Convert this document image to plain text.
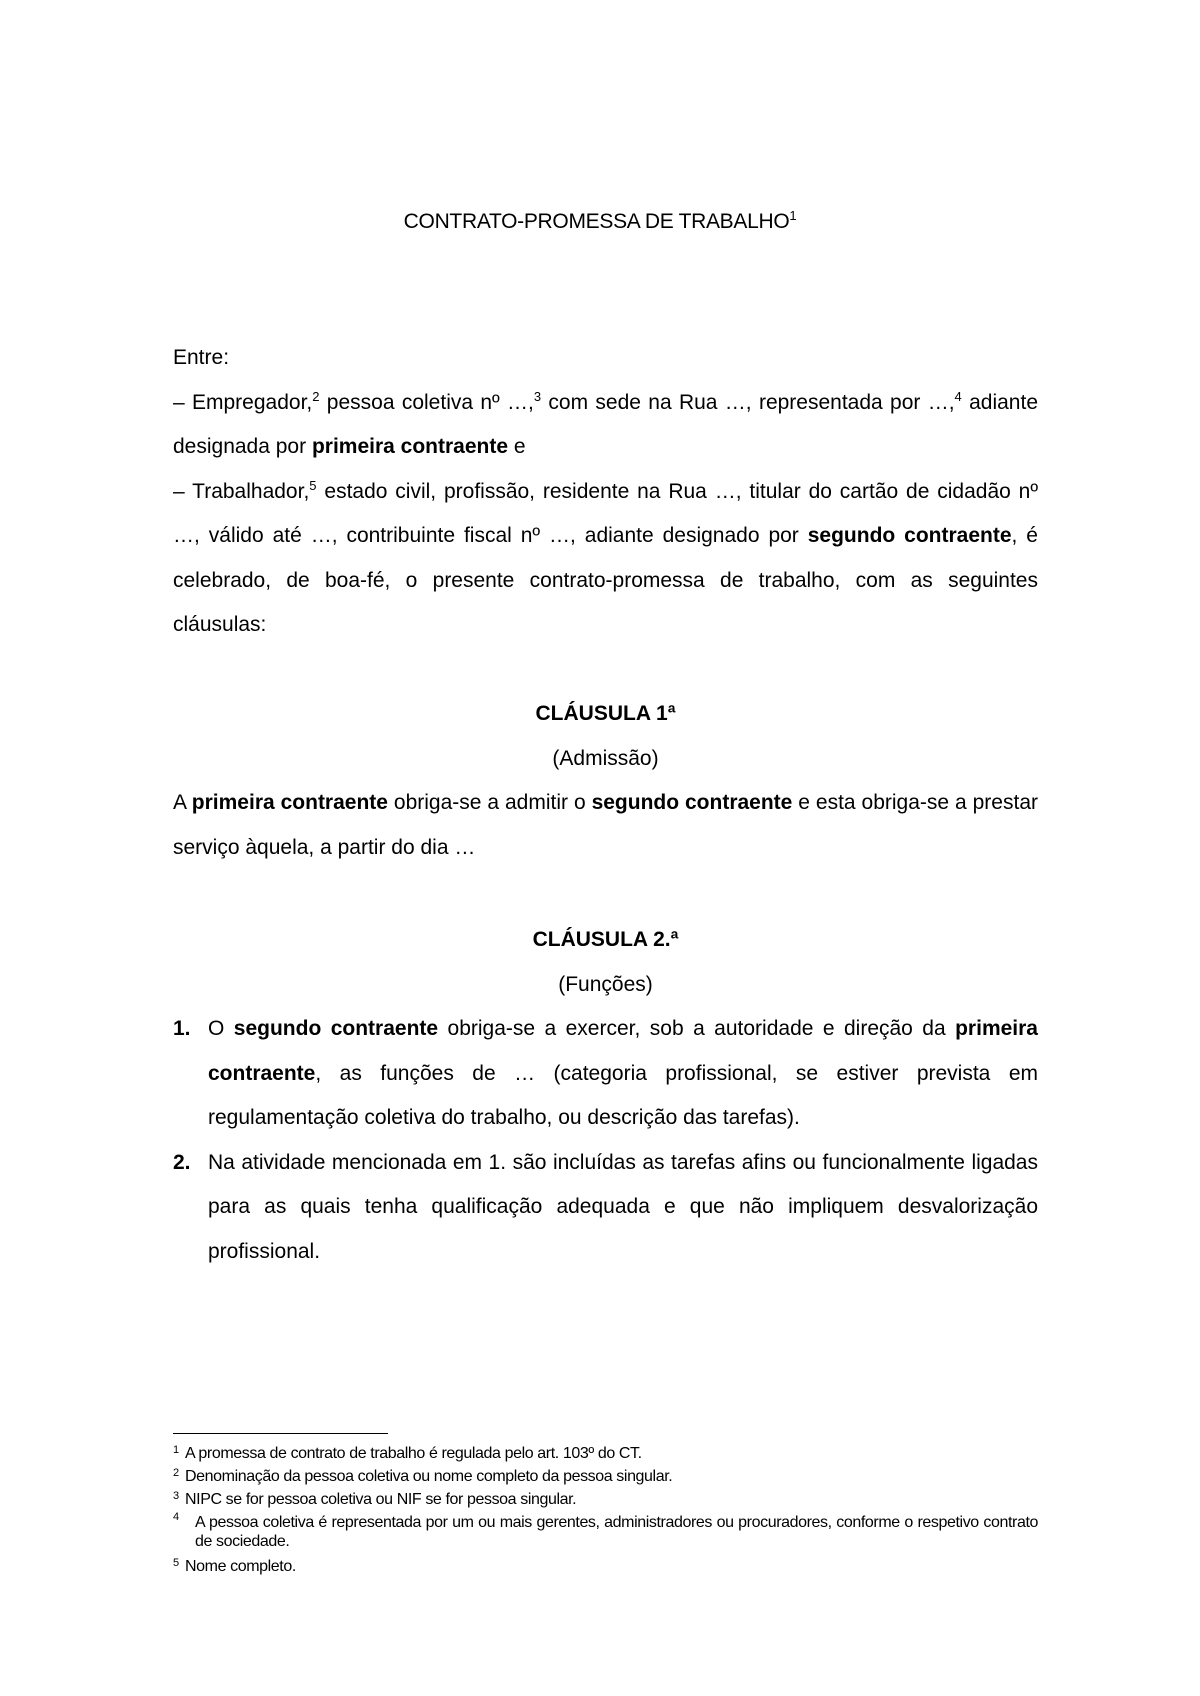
CONTRATO-PROMESSA DE TRABALHO$^1$

Entre:

– Empregador,$^2$ pessoa coletiva nº …,$^3$ com sede na Rua …, representada por …,$^4$ adiante designada por primeira contraente e

– Trabalhador,$^5$ estado civil, profissão, residente na Rua …, titular do cartão de cidadão nº …, válido até …, contribuinte fiscal nº …, adiante designado por segundo contraente, é celebrado, de boa-fé, o presente contrato-promessa de trabalho, com as seguintes cláusulas:

CLÁUSULA 1ª

(Admissão)

A primeira contraente obriga-se a admitir o segundo contraente e esta obriga-se a prestar serviço àquela, a partir do dia …

CLÁUSULA 2.ª

(Funções)

1. O segundo contraente obriga-se a exercer, sob a autoridade e direção da primeira contraente, as funções de … (categoria profissional, se estiver prevista em regulamentação coletiva do trabalho, ou descrição das tarefas).
2. Na atividade mencionada em 1. são incluídas as tarefas afins ou funcionalmente ligadas para as quais tenha qualificação adequada e que não impliquem desvalorização profissional.
1 A promessa de contrato de trabalho é regulada pelo art. 103º do CT.
2 Denominação da pessoa coletiva ou nome completo da pessoa singular.
3 NIPC se for pessoa coletiva ou NIF se for pessoa singular.
4 A pessoa coletiva é representada por um ou mais gerentes, administradores ou procuradores, conforme o respetivo contrato de sociedade.
5 Nome completo.
